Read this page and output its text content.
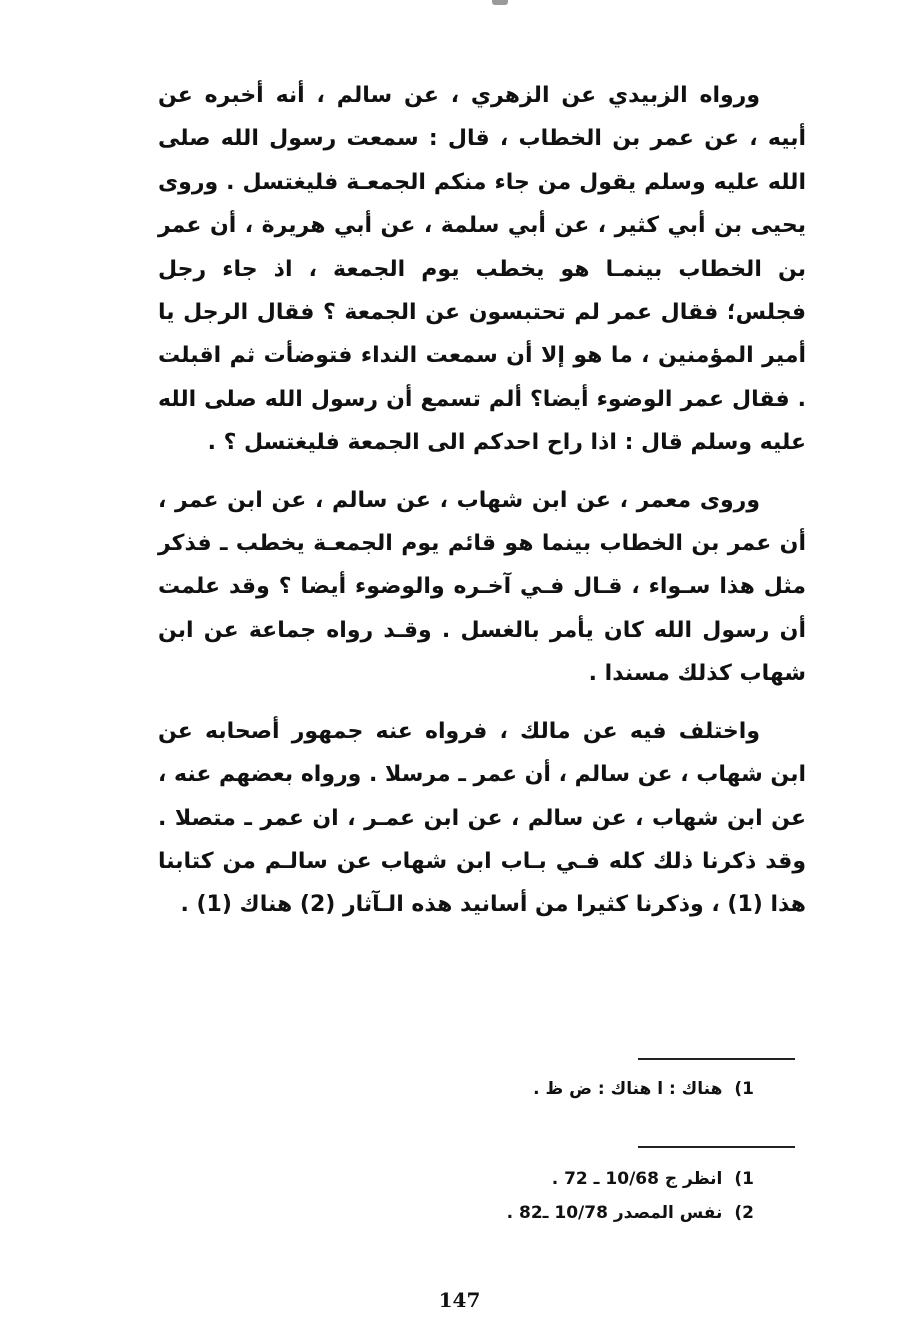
ورواه الزبيدي عن الزهري ، عن سالم ، أنه أخبره عن أبيه ، عن عمر بن الخطاب ، قال : سمعت رسول الله صلى الله عليه وسلم يقول من جاء منكم الجمعـة فليغتسل . وروى يحيى بن أبي كثير ، عن أبي سلمة ، عن أبي هريرة ، أن عمر بن الخطاب بينمـا هو يخطب يوم الجمعة ، اذ جاء رجل فجلس؛ فقال عمر لم تحتبسون عن الجمعة ؟ فقال الرجل يا أمير المؤمنين ، ما هو إلا أن سمعت النداء فتوضأت ثم اقبلت . فقال عمر الوضوء أيضا؟ ألم تسمع أن رسول الله صلى الله عليه وسلم قال : اذا راح احدكم الى الجمعة فليغتسل ؟ .

وروى معمر ، عن ابن شهاب ، عن سالم ، عن ابن عمر ، أن عمر بن الخطاب بينما هو قائم يوم الجمعـة يخطب ـ فذكر مثل هذا سـواء ، قـال فـي آخـره والوضوء أيضا ؟ وقد علمت أن رسول الله كان يأمر بالغسل . وقـد رواه جماعة عن ابن شهاب كذلك مسندا .

واختلف فيه عن مالك ، فرواه عنه جمهور أصحابه عن ابن شهاب ، عن سالم ، أن عمر ـ مرسلا . ورواه بعضهم عنه ، عن ابن شهاب ، عن سالم ، عن ابن عمـر ، ان عمر ـ متصلا . وقد ذكرنا ذلك كله فـي بـاب ابن شهاب عن سالـم من كتابنا هذا (1) ، وذكرنا كثيرا من أسانيد هذه الـآثار (2) هناك (1) .

1)هناك : ا هناك : ض ظ .
1)انظر ج 10/68 ـ 72 .
2)نفس المصدر 10/78 ـ82 .
147
